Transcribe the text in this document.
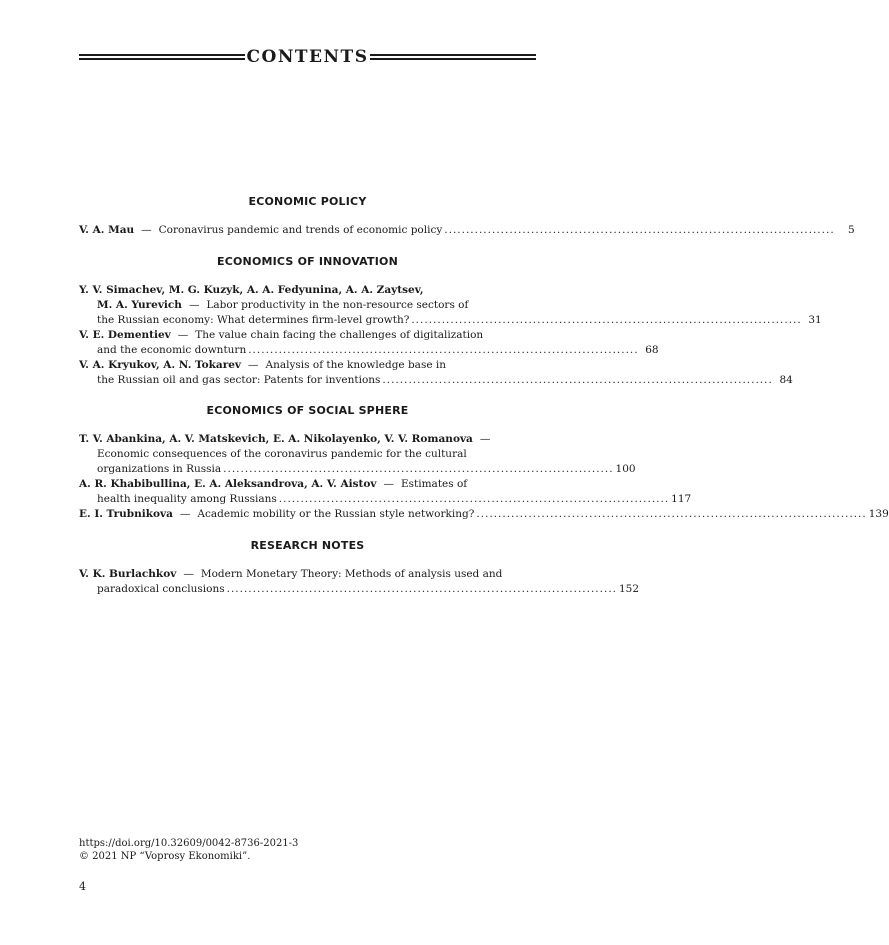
CONTENTS
ECONOMIC POLICY
V. A. Mau — Coronavirus pandemic and trends of economic policy ..........................................................................................	5
ECONOMICS OF INNOVATION
Y. V. Simachev, M. G. Kuzyk, A. A. Fedyunina, A. A. Zaytsev,
M. A. Yurevich — Labor productivity in the non-resource sectors of
the Russian economy: What determines firm-level growth? .......................................................................................... 31
V. E. Dementiev — The value chain facing the challenges of digitalization
and the economic downturn .......................................................................................... 68
V. A. Kryukov, A. N. Tokarev — Analysis of the knowledge base in
the Russian oil and gas sector: Patents for inventions .......................................................................................... 84
ECONOMICS OF SOCIAL SPHERE
T. V. Abankina, A. V. Matskevich, E. A. Nikolayenko, V. V. Romanova —
Economic consequences of the coronavirus pandemic for the cultural
organizations in Russia .......................................................................................... 100
A. R. Khabibullina, E. A. Aleksandrova, A. V. Aistov — Estimates of
health inequality among Russians .......................................................................................... 117
E. I. Trubnikova — Academic mobility or the Russian style networking? .......................................................................................... 139
RESEARCH NOTES
V. K. Burlachkov — Modern Monetary Theory: Methods of analysis used and
paradoxical conclusions .......................................................................................... 152
https://doi.org/10.32609/0042-8736-2021-3
© 2021 NP “Voprosy Ekonomiki”.
4
